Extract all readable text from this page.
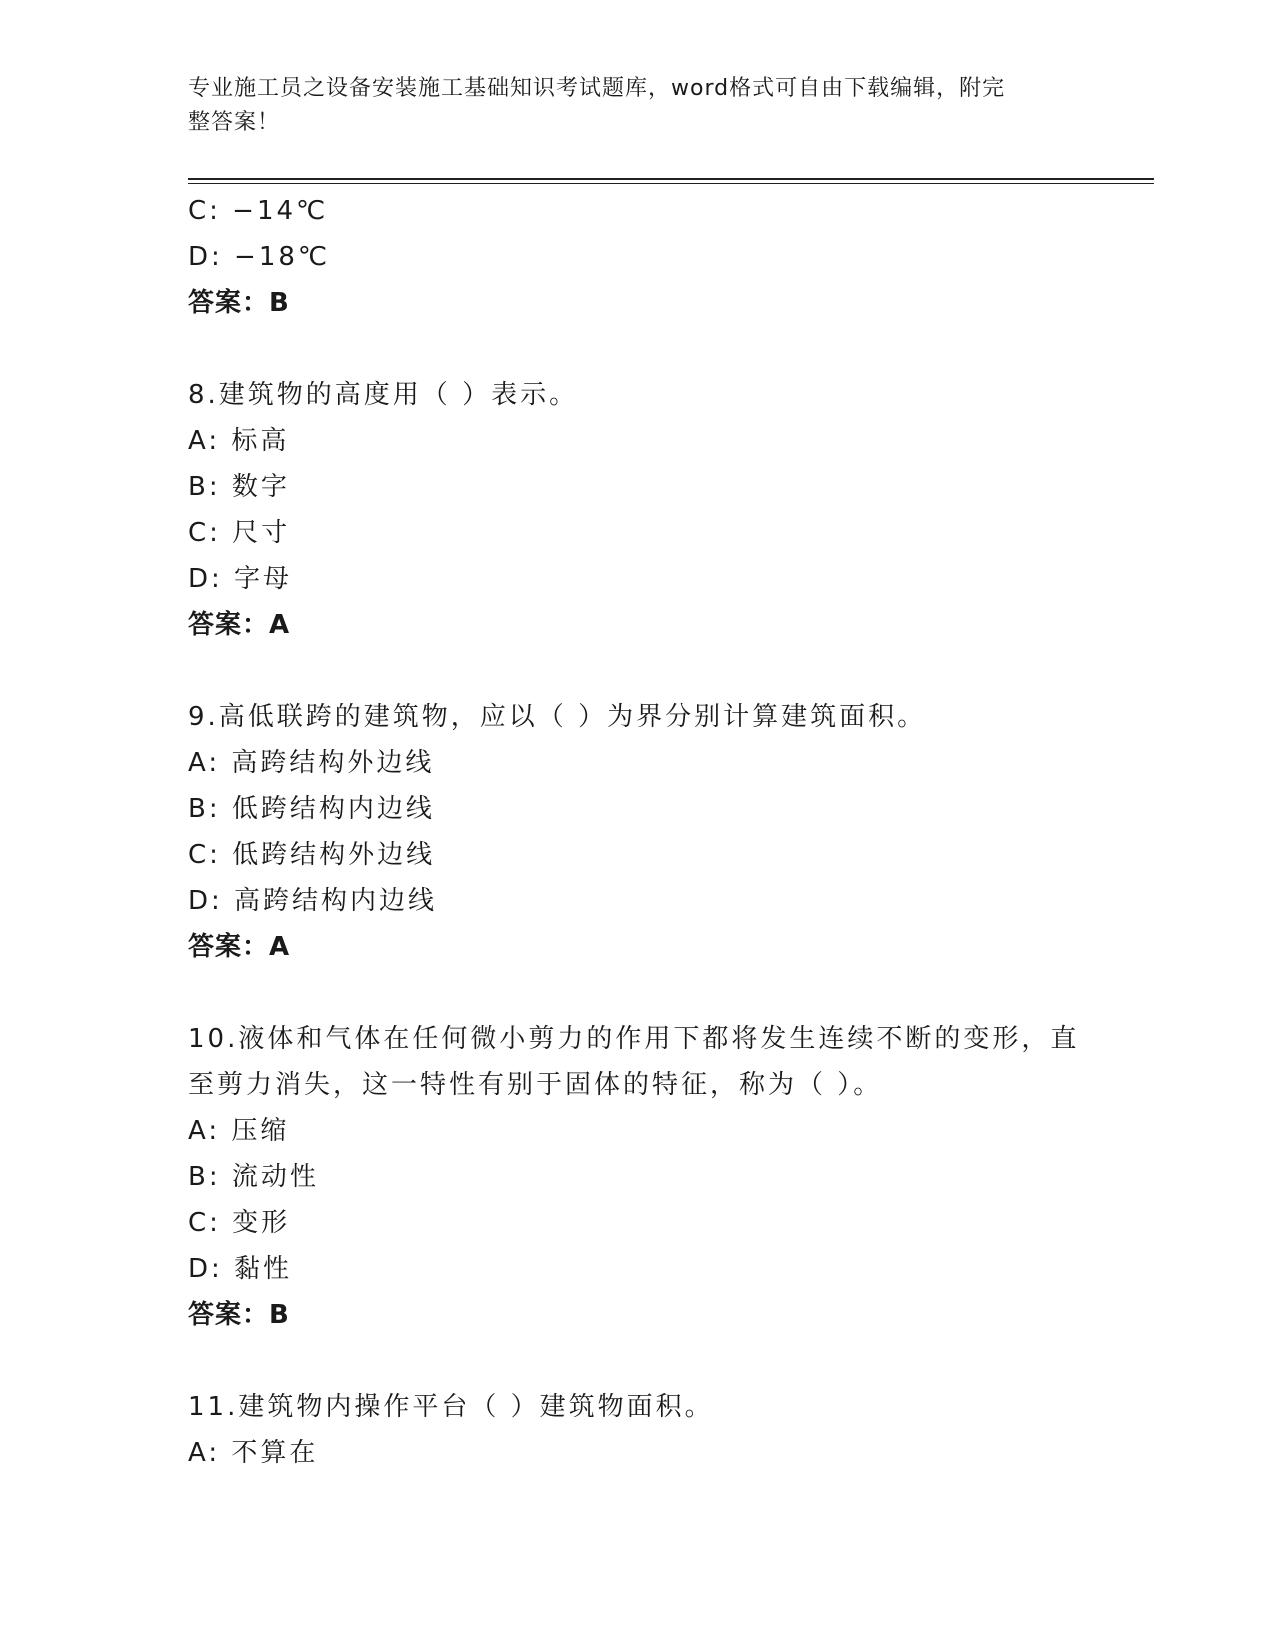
专业施工员之设备安装施工基础知识考试题库，word格式可自由下载编辑，附完
整答案！
C: −14℃
D: −18℃
答案：B
8.建筑物的高度用（ ）表示。
A: 标高
B: 数字
C: 尺寸
D: 字母
答案：A
9.高低联跨的建筑物，应以（ ）为界分别计算建筑面积。
A: 高跨结构外边线
B: 低跨结构内边线
C: 低跨结构外边线
D: 高跨结构内边线
答案：A
10.液体和气体在任何微小剪力的作用下都将发生连续不断的变形，直
至剪力消失，这一特性有别于固体的特征，称为（ ）。
A: 压缩
B: 流动性
C: 变形
D: 黏性
答案：B
11.建筑物内操作平台（ ）建筑物面积。
A: 不算在
